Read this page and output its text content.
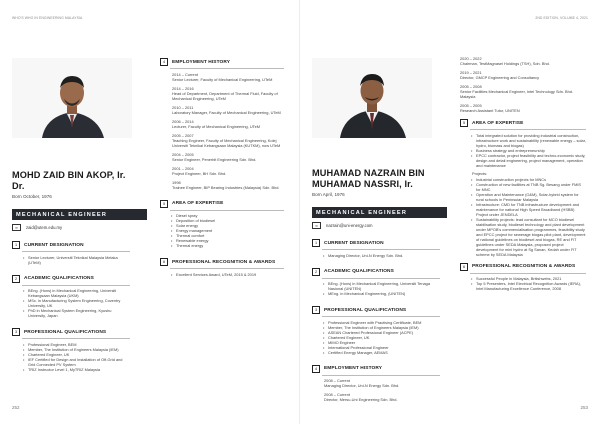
WHO'S WHO IN ENGINEERING MALAYSIA
MOHD ZAID BIN AKOP, Ir. Dr.
Born October, 1976
MECHANICAL ENGINEER
✉	zaid@utem.edu.my
1	CURRENT DESIGNATION
• Senior Lecturer, Universiti Teknikal Malaysia Melaka (UTeM)
2	ACADEMIC QUALIFICATIONS
• BEng. (Hons) in Mechanical Engineering, Universiti Kebangsaan Malaysia (UKM)
• MSc. in Manufacturing System Engineering, Coventry University, UK
• PhD in Mechanical System Engineering, Kyushu University, Japan
3	PROFESSIONAL QUALIFICATIONS
• Professional Engineer, BEM
• Member, The Institution of Engineers Malaysia (IEM)
• Chartered Engineer, UK
• IEF Certified for Design and Installation of Off-Grid and Grid Connected PV System
• TRIZ Instructor Level 1, MyTRIZ Malaysia
4	EMPLOYMENT HISTORY
2014 – Current
Senior Lecturer, Faculty of Mechanical Engineering, UTeM
2014 – 2016
Head of Department, Department of Thermal Fluid, Faculty of Mechanical Engineering, UTeM
2010 – 2011
Laboratory Manager, Faculty of Mechanical Engineering, UTeM
2006 – 2014
Lecturer, Faculty of Mechanical Engineering, UTeM
2005 – 2007
Teaching Engineer, Faculty of Mechanical Engineering, Kolej Universiti Teknikal Kebangsaan Malaysia (KUTKM), now UTeM
2004 – 2005
Senior Engineer, Penerbit Engineering Sdn. Bhd.
2001 – 2004
Project Engineer, BH Sdn. Bhd.
1998
Trainee Engineer, BIP Bearing Industries (Malaysia) Sdn. Bhd.
5	AREA OF EXPERTISE
• Diesel spray
• Deposition of biodiesel
• Solar energy
• Energy management
• Thermal comfort
• Renewable energy
• Thermal energy
6	PROFESSIONAL RECOGNITION & AWARDS
• Excellent Services Award, UTeM, 2015 & 2019
252
2ND EDITION, VOLUME 4, 2021
MUHAMAD NAZRAIN BIN MUHAMAD NASSRI, Ir.
Born April, 1976
MECHANICAL ENGINEER
✉	nazrain@uni-energy.com
1	CURRENT DESIGNATION
• Managing Director, Uni-N Energy Sdn. Bhd.
2	ACADEMIC QUALIFICATIONS
• BEng. (Hons) in Mechanical Engineering, Universiti Tenaga Nasional (UNITEN)
• MEng. in Mechanical Engineering, (UNITEN)
3	PROFESSIONAL QUALIFICATIONS
• Professional Engineer with Practising Certificate, BEM
• Member, The Institution of Engineers Malaysia (IEM)
• ASEAN Chartered Professional Engineer (ACPE)
• Chartered Engineer, UK
• MIMO Engineer
• International Professional Engineer
• Certified Energy Manager, AEMAS
4	EMPLOYMENT HISTORY
2008 – Current
Managing Director, Uni-N Energy Sdn. Bhd.
2008 – Current
Director, Mersu-Uni Engineering Sdn. Bhd.
2020 – 2022
Chairman, TestMagnasel Holdings (TSH), Sdn. Bhd.
2019 – 2021
Director, GMCP Engineering and Consultancy
2005 – 2008
Senior Facilities Mechanical Engineer, Intel Technology Sdn. Bhd. Malaysia
2005 – 2005
Research Assistant Tutor, UNITEN
5	AREA OF EXPERTISE
• Total integrated solution for providing industrial construction, infrastructure work and sustainability (renewable energy – solar, hydro, biomass and biogas)
• Business strategy and entrepreneurship
• EPCC contractor, project feasibility and techno-economic study, design and detail engineering, project management, operation and maintenance
Projects:
• Industrial construction projects for MNCs
• Construction of new facilities at TNB Sg. Besang under FMIS for MNC
• Operation and Maintenance (O&M), Solar-hybrid system for rural schools in Peninsular Malaysia
• Infrastructure: CMD for TNB infrastructure development and maintenance for national High Speed Broadband (HSBB) Project under JENDELA
• Sustainability projects: lead consultant for MCO biodiesel stabilisation study, biodiesel technology and plant development under MPOB's commercialisation programmes, feasibility study and EPCC project for sewerage biogas pilot plant, development of national guidelines on biodiesel and biogas, RE and FiT guidelines under SEDA Malaysia, proposed project development for mini hydro at Sg Sanan, Kedah under FiT scheme by SEDA Malaysia
6	PROFESSIONAL RECOGNITION & AWARDS
• Successful People in Malaysia, Britishwebs, 2021
• Top 5 Presenters, Intel Electrical Recognition Awards (IERA), Intel Manufacturing Excellence Conference, 2008
253
